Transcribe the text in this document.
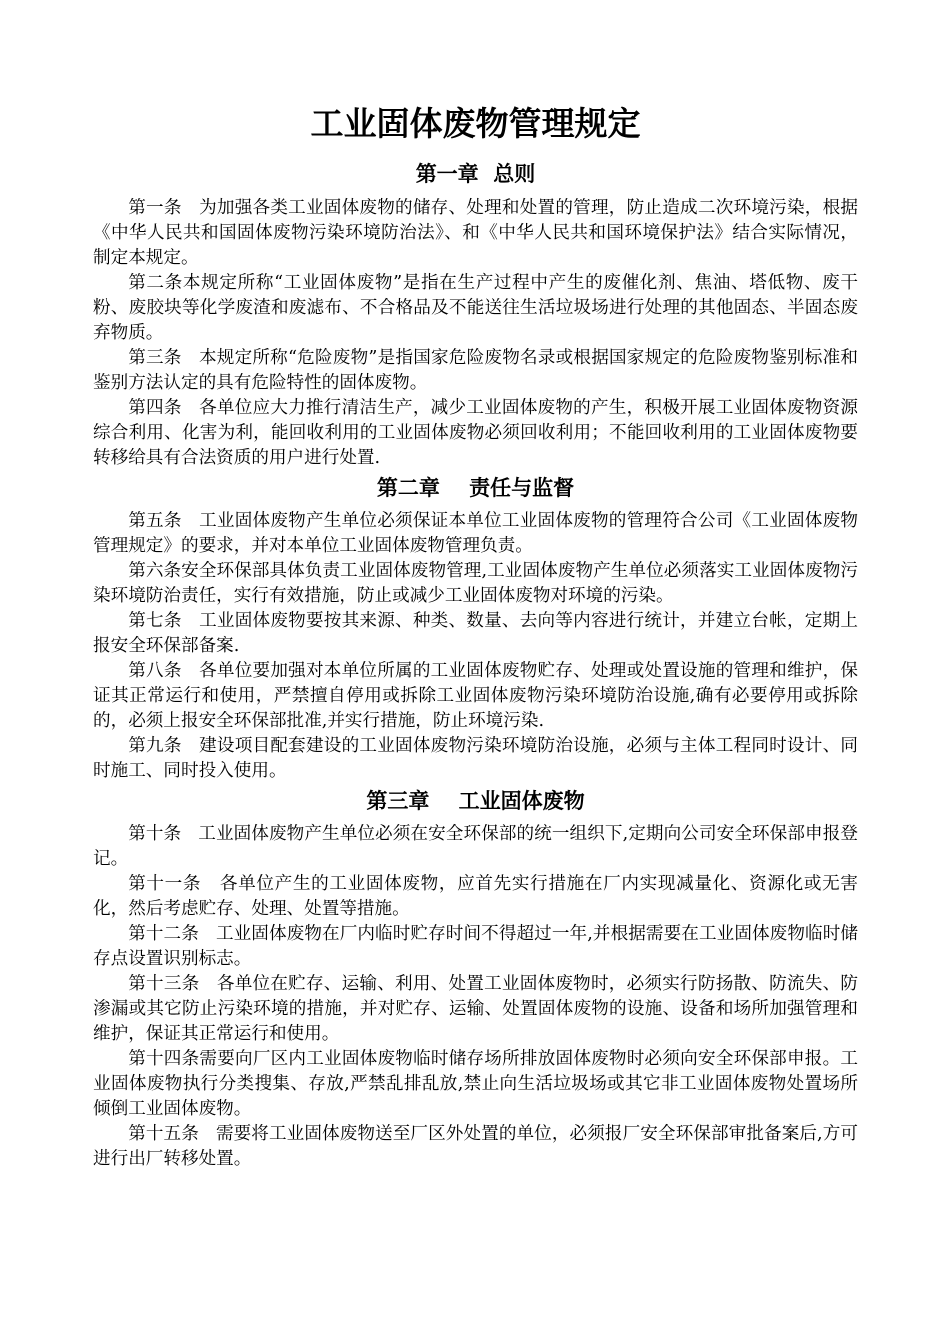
工业固体废物管理规定
第一章  总则

第一条   为加强各类工业固体废物的储存、处理和处置的管理，防止造成二次环境污染，根据《中华人民共和国固体废物污染环境防治法》、和《中华人民共和国环境保护法》结合实际情况，制定本规定。

第二条本规定所称“工业固体废物”是指在生产过程中产生的废催化剂、焦油、塔低物、废干粉、废胶块等化学废渣和废滤布、不合格品及不能送往生活垃圾场进行处理的其他固态、半固态废弃物质。

第三条   本规定所称“危险废物”是指国家危险废物名录或根据国家规定的危险废物鉴别标准和鉴别方法认定的具有危险特性的固体废物。

第四条   各单位应大力推行清洁生产，减少工业固体废物的产生，积极开展工业固体废物资源综合利用、化害为利，能回收利用的工业固体废物必须回收利用；不能回收利用的工业固体废物要转移给具有合法资质的用户进行处置.

第二章    责任与监督

第五条   工业固体废物产生单位必须保证本单位工业固体废物的管理符合公司《工业固体废物管理规定》的要求，并对本单位工业固体废物管理负责。

第六条安全环保部具体负责工业固体废物管理,工业固体废物产生单位必须落实工业固体废物污染环境防治责任，实行有效措施，防止或减少工业固体废物对环境的污染。

第七条   工业固体废物要按其来源、种类、数量、去向等内容进行统计，并建立台帐，定期上报安全环保部备案.

第八条   各单位要加强对本单位所属的工业固体废物贮存、处理或处置设施的管理和维护，保证其正常运行和使用，严禁擅自停用或拆除工业固体废物污染环境防治设施,确有必要停用或拆除的，必须上报安全环保部批准,并实行措施，防止环境污染.

第九条   建设项目配套建设的工业固体废物污染环境防治设施，必须与主体工程同时设计、同时施工、同时投入使用。

第三章    工业固体废物

第十条   工业固体废物产生单位必须在安全环保部的统一组织下,定期向公司安全环保部申报登记。

第十一条   各单位产生的工业固体废物，应首先实行措施在厂内实现减量化、资源化或无害化，然后考虑贮存、处理、处置等措施。

第十二条   工业固体废物在厂内临时贮存时间不得超过一年,并根据需要在工业固体废物临时储存点设置识别标志。

第十三条   各单位在贮存、运输、利用、处置工业固体废物时，必须实行防扬散、防流失、防渗漏或其它防止污染环境的措施，并对贮存、运输、处置固体废物的设施、设备和场所加强管理和维护，保证其正常运行和使用。

第十四条需要向厂区内工业固体废物临时储存场所排放固体废物时必须向安全环保部申报。工业固体废物执行分类搜集、存放,严禁乱排乱放,禁止向生活垃圾场或其它非工业固体废物处置场所倾倒工业固体废物。

第十五条   需要将工业固体废物送至厂区外处置的单位，必须报厂安全环保部审批备案后,方可进行出厂转移处置。
